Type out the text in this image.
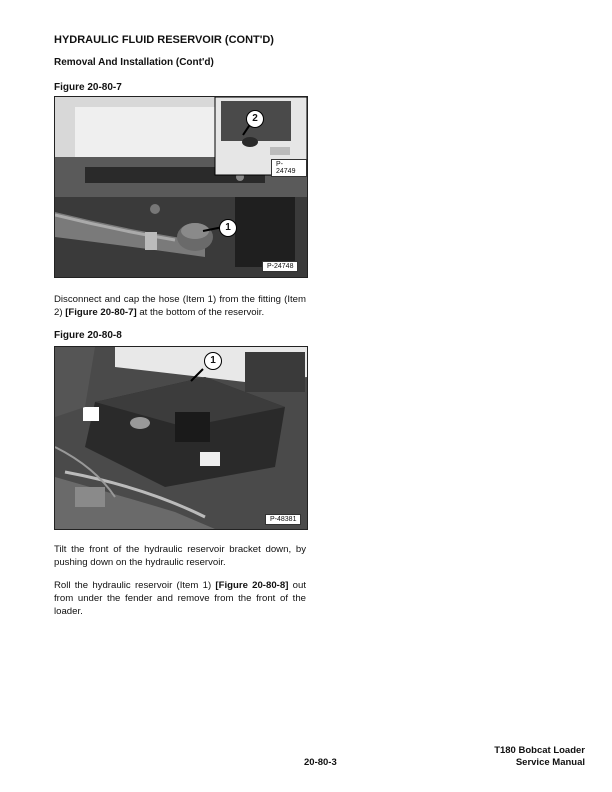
HYDRAULIC FLUID RESERVOIR (CONT'D)
Removal And Installation (Cont'd)
Figure 20-80-7
2
P-24749
1
P-24748
Disconnect and cap the hose (Item 1) from the fitting (Item 2) [Figure 20-80-7] at the bottom of the reservoir.
Figure 20-80-8
1
P-48381
Tilt the front of the hydraulic reservoir bracket down, by pushing down on the hydraulic reservoir.
Roll the hydraulic reservoir (Item 1) [Figure 20-80-8] out from under the fender and remove from the front of the loader.
20-80-3
T180 Bobcat Loader
Service Manual
